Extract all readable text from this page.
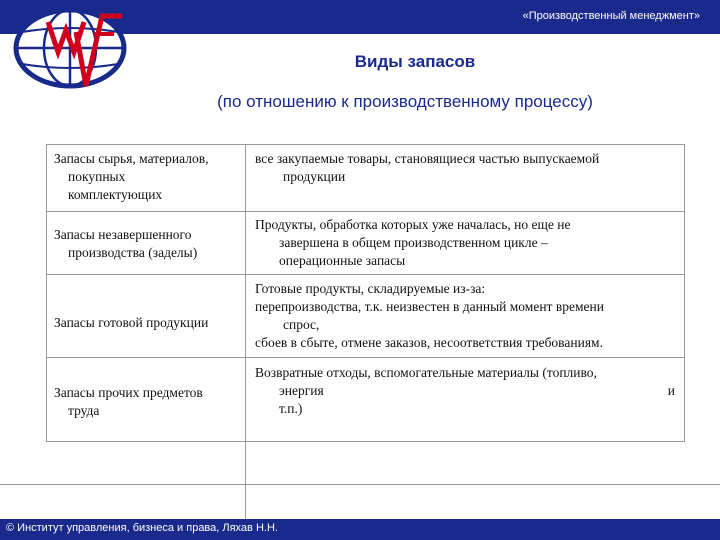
«Производственный менеджмент»
WVE
Виды запасов
(по отношению к производственному процессу)
Запасы сырья, материалов,
покупных
комплектующих
все закупаемые товары, становящиеся частью выпускаемой
продукции
Запасы незавершенного
производства (заделы)
Продукты, обработка которых уже началась, но еще не
завершена в общем производственном цикле –
операционные запасы
Запасы готовой продукции
Готовые продукты, складируемые из-за:
перепроизводства, т.к. неизвестен в данный момент времени
спрос,
сбоев в сбыте, отмене заказов, несоответствия требованиям.
Запасы прочих предметов
труда
Возвратные отходы, вспомогательные материалы (топливо,
энергия	и
т.п.)
© Институт управления, бизнеса и права, Ляхав Н.Н.
